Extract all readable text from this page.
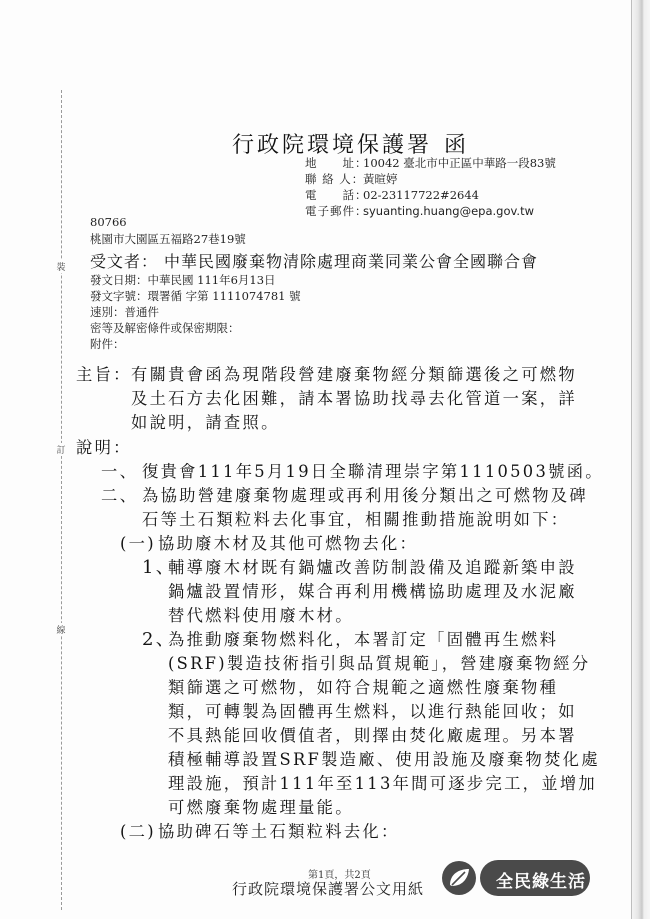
裝
訂
線
行政院環境保護署 函
地　　址：10042 臺北市中正區中華路一段83號
聯 絡 人：黃暄婷
電　　話：02-23117722#2644
電子郵件：syuanting.huang@epa.gov.tw
80766
桃園市大園區五福路27巷19號
受文者： 中華民國廢棄物清除處理商業同業公會全國聯合會
發文日期：中華民國 111年6月13日
發文字號：環署循 字第 1111074781 號
速別：普通件
密等及解密條件或保密期限：
附件：
主旨： 有關貴會函為現階段營建廢棄物經分類篩選後之可燃物
及土石方去化困難，請本署協助找尋去化管道一案，詳
如說明，請查照。
說明：
一、 復貴會111年5月19日全聯清理崇字第1110503號函。
二、 為協助營建廢棄物處理或再利用後分類出之可燃物及碑
石等土石類粒料去化事宜，相關推動措施說明如下：
(一) 協助廢木材及其他可燃物去化：
1、
輔導廢木材既有鍋爐改善防制設備及追蹤新築申設
鍋爐設置情形，媒合再利用機構協助處理及水泥廠
替代燃料使用廢木材。
2、
為推動廢棄物燃料化，本署訂定「固體再生燃料
(SRF)製造技術指引與品質規範」，營建廢棄物經分
類篩選之可燃物，如符合規範之適燃性廢棄物種
類，可轉製為固體再生燃料，以進行熱能回收；如
不具熱能回收價值者，則擇由焚化廠處理。另本署
積極輔導設置SRF製造廠、使用設施及廢棄物焚化處
理設施，預計111年至113年間可逐步完工，並增加
可燃廢棄物處理量能。
(二) 協助碑石等土石類粒料去化：
第1頁，共2頁
行政院環境保護署公文用紙	全民綠生活
